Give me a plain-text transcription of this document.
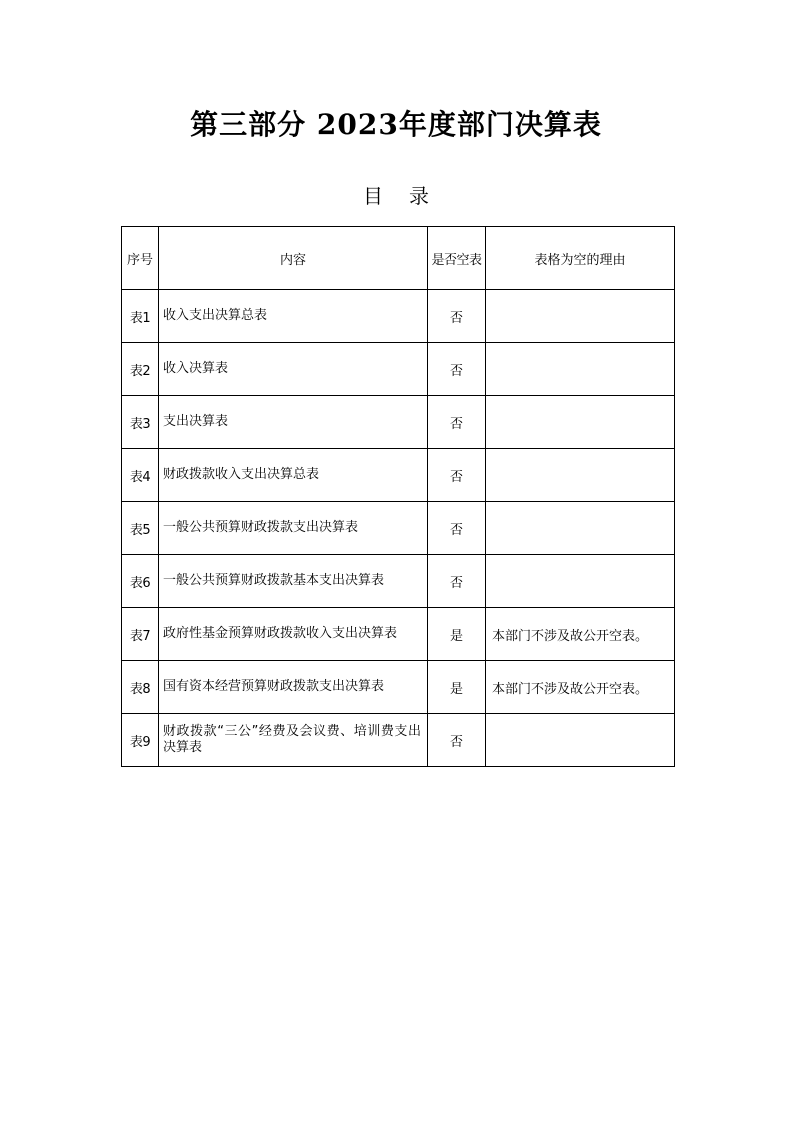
第三部分 2023年度部门决算表
目 录
序号	内容	是否空表	表格为空的理由
表1	收入支出决算总表	否	
表2	收入决算表	否	
表3	支出决算表	否	
表4	财政拨款收入支出决算总表	否	
表5	一般公共预算财政拨款支出决算表	否	
表6	一般公共预算财政拨款基本支出决算表	否	
表7	政府性基金预算财政拨款收入支出决算表	是	本部门不涉及故公开空表。
表8	国有资本经营预算财政拨款支出决算表	是	本部门不涉及故公开空表。
表9	财政拨款“三公”经费及会议费、培训费支出决算表	否	
